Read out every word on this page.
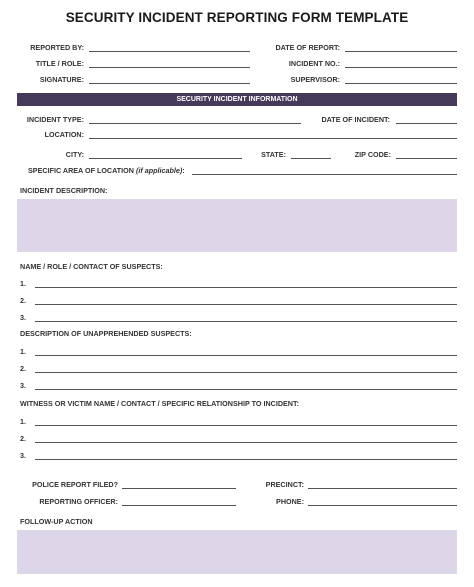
SECURITY INCIDENT REPORTING FORM TEMPLATE
REPORTED BY:	DATE OF REPORT:
TITLE / ROLE:	INCIDENT NO.:
SIGNATURE:	SUPERVISOR:
SECURITY INCIDENT INFORMATION
INCIDENT TYPE:	DATE OF INCIDENT:
LOCATION:
CITY:	STATE:	ZIP CODE:
SPECIFIC AREA OF LOCATION (if applicable):
INCIDENT DESCRIPTION:
NAME / ROLE / CONTACT OF SUSPECTS:
1.
2.
3.
DESCRIPTION OF UNAPPREHENDED SUSPECTS:
1.
2.
3.
WITNESS OR VICTIM NAME / CONTACT / SPECIFIC RELATIONSHIP TO INCIDENT:
1.
2.
3.
POLICE REPORT FILED?	PRECINCT:
REPORTING OFFICER:	PHONE:
FOLLOW-UP ACTION
